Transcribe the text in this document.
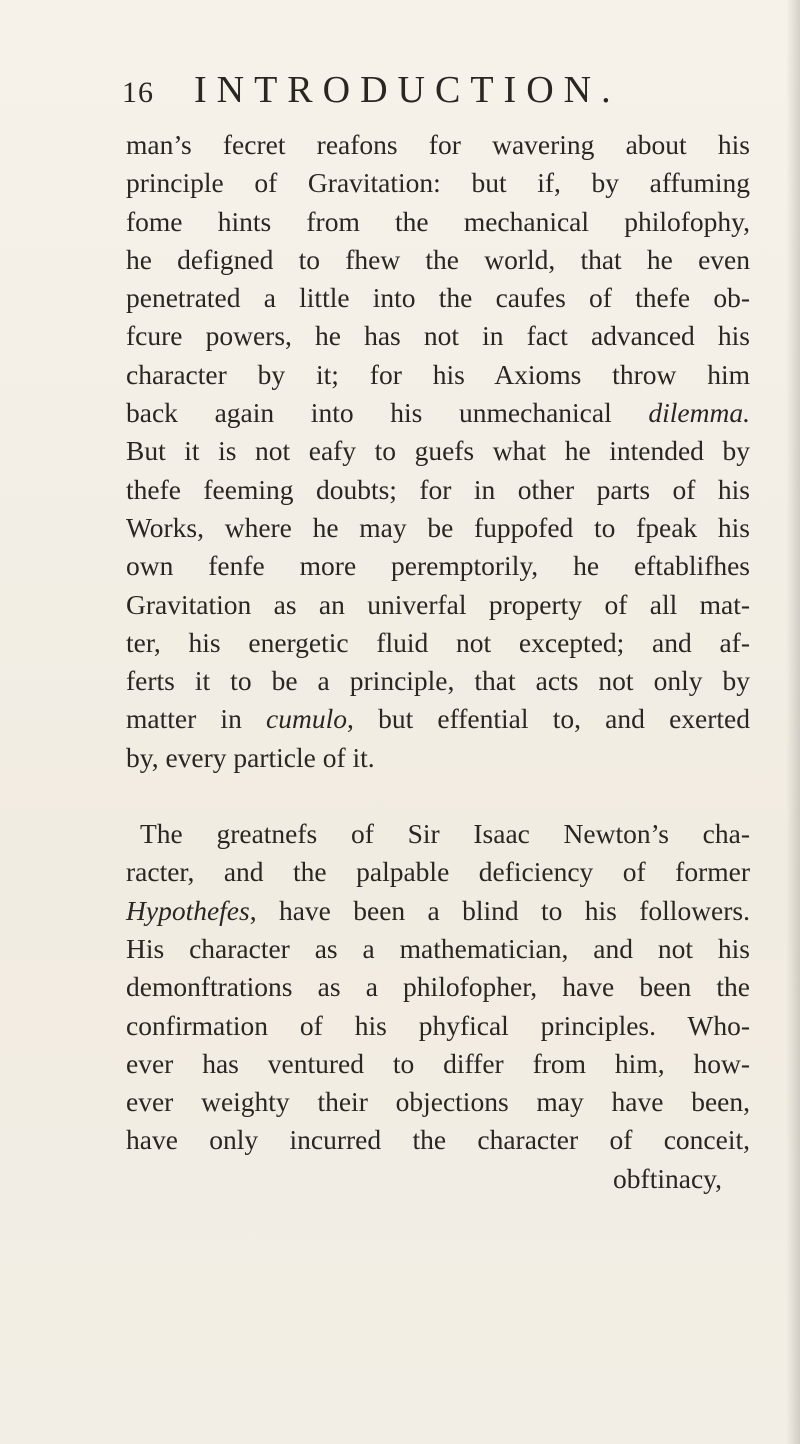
16	INTRODUCTION.
man’s fecret reafons for wavering about his
principle of Gravitation: but if, by affuming
fome hints from the mechanical philofophy,
he defigned to fhew the world, that he even
penetrated a little into the caufes of thefe ob-
fcure powers, he has not in fact advanced his
character by it; for his Axioms throw him
back again into his unmechanical dilemma.
But it is not eafy to guefs what he intended by
thefe feeming doubts; for in other parts of his
Works, where he may be fuppofed to fpeak his
own fenfe more peremptorily, he eftablifhes
Gravitation as an univerfal property of all mat-
ter, his energetic fluid not excepted; and af-
ferts it to be a principle, that acts not only by
matter in cumulo, but effential to, and exerted
by, every particle of it.
The greatnefs of Sir Isaac Newton’s cha-
racter, and the palpable deficiency of former
Hypothefes, have been a blind to his followers.
His character as a mathematician, and not his
demonftrations as a philofopher, have been the
confirmation of his phyfical principles. Who-
ever has ventured to differ from him, how-
ever weighty their objections may have been,
have only incurred the character of conceit,
obftinacy,
